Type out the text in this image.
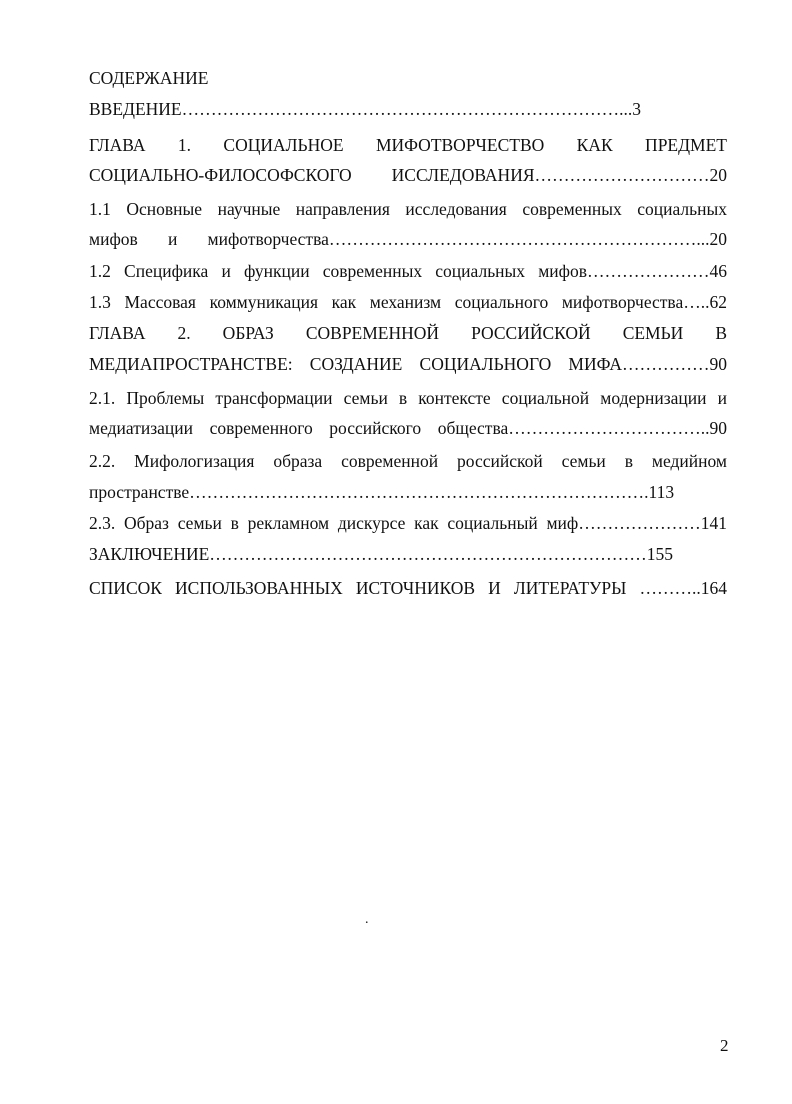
СОДЕРЖАНИЕ
ВВЕДЕНИЕ…………………………………………………………………...3
ГЛАВА 1. СОЦИАЛЬНОЕ МИФОТВОРЧЕСТВО КАК ПРЕДМЕТ
СОЦИАЛЬНО-ФИЛОСОФСКОГО ИССЛЕДОВАНИЯ…………………………20
1.1 Основные научные направления исследования современных социальных
мифов и мифотворчества………………………………………………………...20
1.2 Специфика и функции современных социальных мифов…………………46
1.3 Массовая коммуникация как механизм социального мифотворчества…..62
ГЛАВА 2. ОБРАЗ СОВРЕМЕННОЙ РОССИЙСКОЙ СЕМЬИ В
МЕДИАПРОСТРАНСТВЕ: СОЗДАНИЕ СОЦИАЛЬНОГО МИФА……………90
2.1. Проблемы трансформации семьи в контексте социальной модернизации и
медиатизации современного российского общества……………………………..90
2.2. Мифологизация образа современной российской семьи в медийном
пространстве…………………………………………………………………….113
2.3. Образ семьи в рекламном дискурсе как социальный миф…………………141
ЗАКЛЮЧЕНИЕ…………………………………………………………………155
СПИСОК ИСПОЛЬЗОВАННЫХ ИСТОЧНИКОВ И ЛИТЕРАТУРЫ ………..164
.
2
